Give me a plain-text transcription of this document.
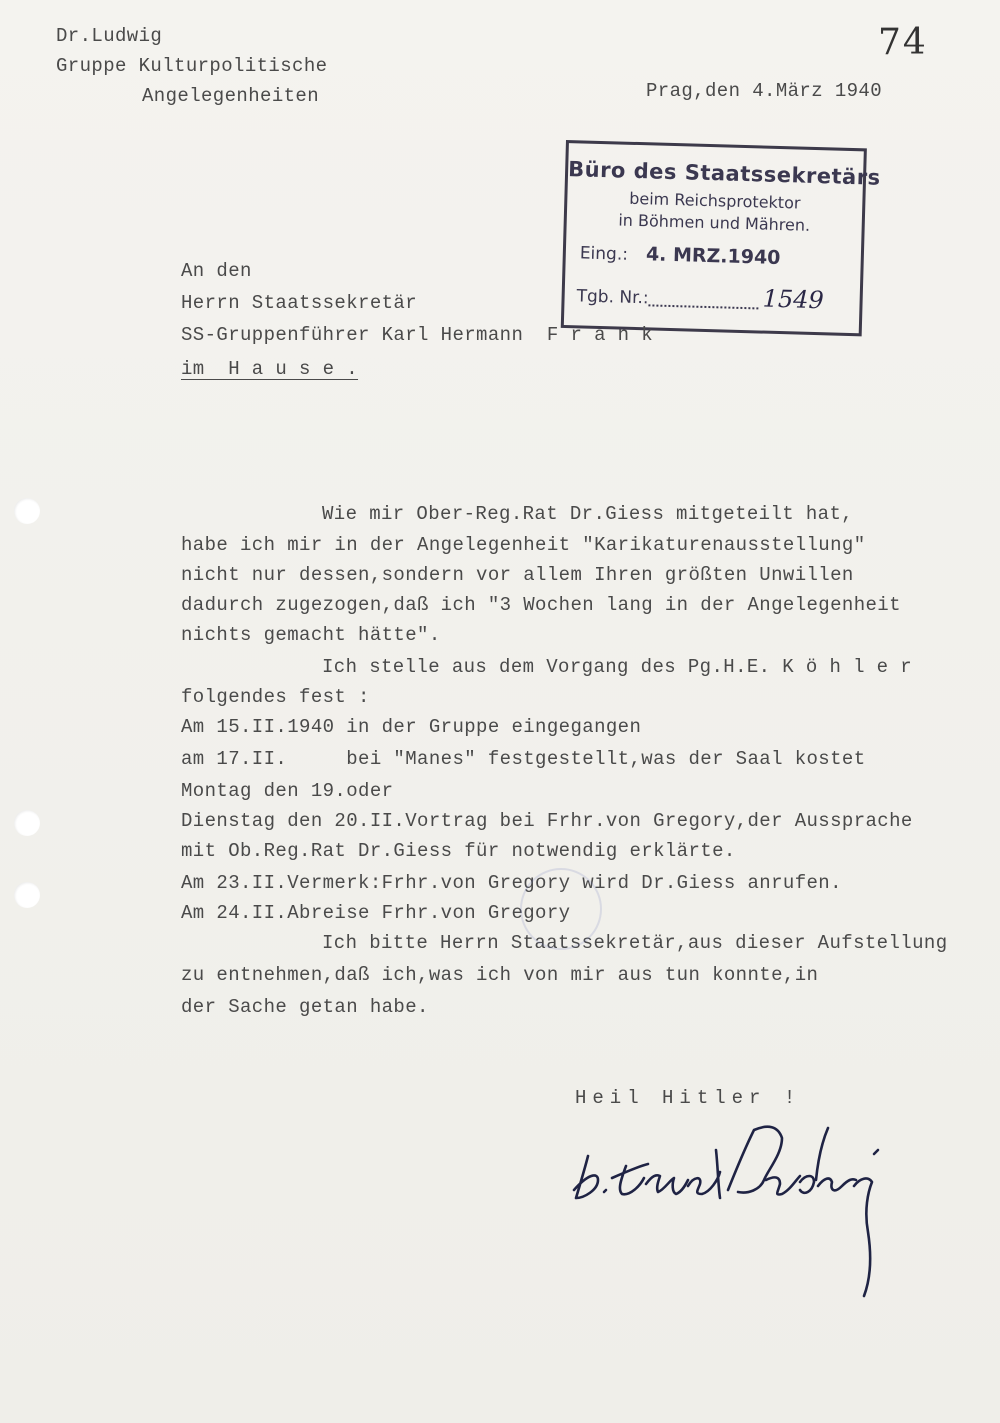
Dr.Ludwig
Gruppe Kulturpolitische
Angelegenheiten	Prag,den 4.März 1940
74
Büro des Staatssekretärs
beim Reichsprotektor
in Böhmen und Mähren.
Eing.: 4. MRZ.1940
Tgb. Nr.:	1549
An den
Herrn Staatssekretär
SS-Gruppenführer Karl Hermann  F r a n k
im  H a u s e .
Wie mir Ober-Reg.Rat Dr.Giess mitgeteilt hat,
habe ich mir in der Angelegenheit "Karikaturenausstellung"
nicht nur dessen,sondern vor allem Ihren größten Unwillen
dadurch zugezogen,daß ich "3 Wochen lang in der Angelegenheit
nichts gemacht hätte".
Ich stelle aus dem Vorgang des Pg.H.E. K ö h l e r
folgendes fest :
Am 15.II.1940 in der Gruppe eingegangen
am 17.II.     bei "Manes" festgestellt,was der Saal kostet
Montag den 19.oder
Dienstag den 20.II.Vortrag bei Frhr.von Gregory,der Aussprache
mit Ob.Reg.Rat Dr.Giess für notwendig erklärte.
Am 23.II.Vermerk:Frhr.von Gregory wird Dr.Giess anrufen.
Am 24.II.Abreise Frhr.von Gregory
Ich bitte Herrn Staatssekretär,aus dieser Aufstellung
zu entnehmen,daß ich,was ich von mir aus tun konnte,in
der Sache getan habe.
Heil Hitler !
